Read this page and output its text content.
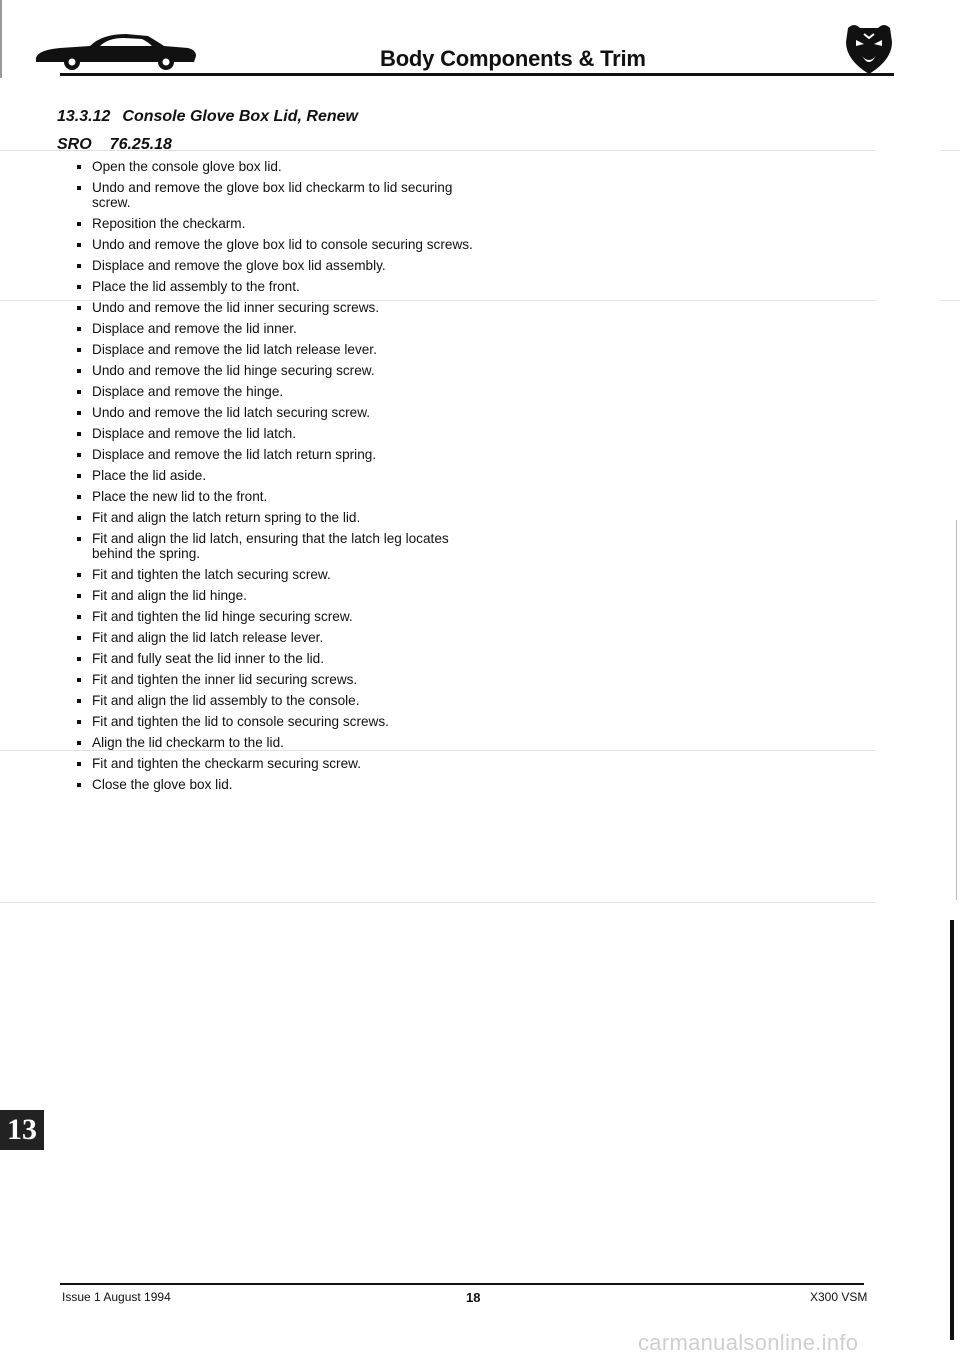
Body Components & Trim
13.3.12 Console Glove Box Lid, Renew
SRO 76.25.18
Open the console glove box lid.
Undo and remove the glove box lid checkarm to lid securing screw.
Reposition the checkarm.
Undo and remove the glove box lid to console securing screws.
Displace and remove the glove box lid assembly.
Place the lid assembly to the front.
Undo and remove the lid inner securing screws.
Displace and remove the lid inner.
Displace and remove the lid latch release lever.
Undo and remove the lid hinge securing screw.
Displace and remove the hinge.
Undo and remove the lid latch securing screw.
Displace and remove the lid latch.
Displace and remove the lid latch return spring.
Place the lid aside.
Place the new lid to the front.
Fit and align the latch return spring to the lid.
Fit and align the lid latch, ensuring that the latch leg locates behind the spring.
Fit and tighten the latch securing screw.
Fit and align the lid hinge.
Fit and tighten the lid hinge securing screw.
Fit and align the lid latch release lever.
Fit and fully seat the lid inner to the lid.
Fit and tighten the inner lid securing screws.
Fit and align the lid assembly to the console.
Fit and tighten the lid to console securing screws.
Align the lid checkarm to the lid.
Fit and tighten the checkarm securing screw.
Close the glove box lid.
13
Issue 1 August 1994	18	X300 VSM
carmanualsonline.info
